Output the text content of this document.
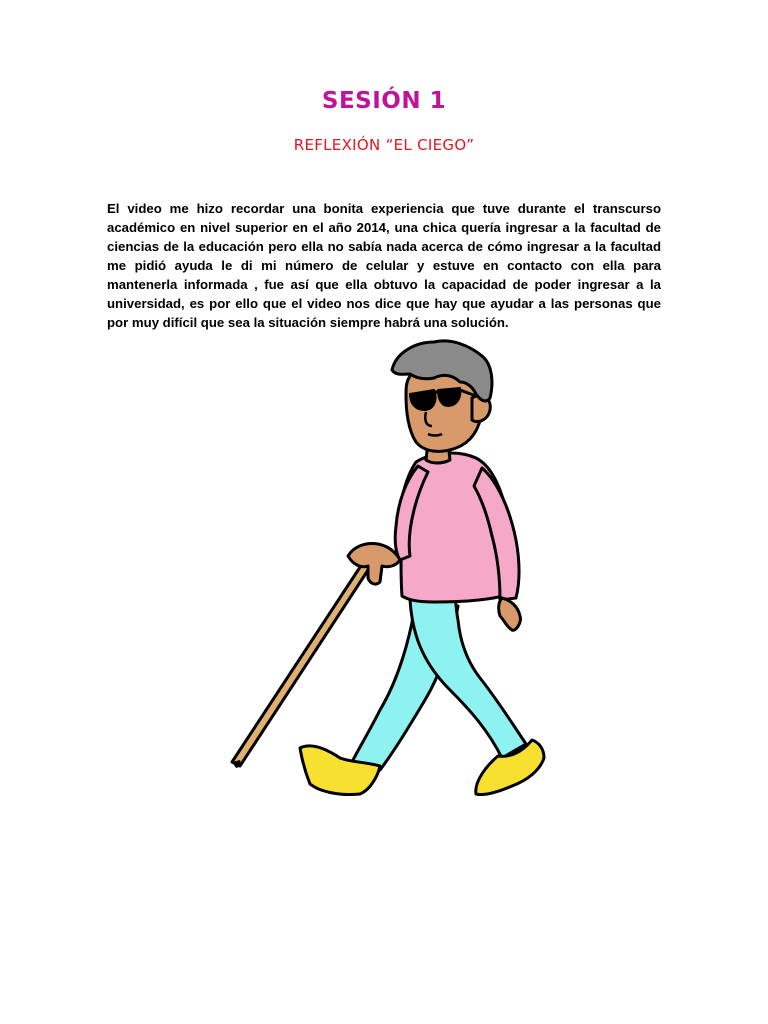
SESIÓN 1
REFLEXIÓN “EL CIEGO”

El video me hizo recordar una bonita experiencia que tuve durante el transcurso académico en nivel superior en el año 2014, una chica quería ingresar a la facultad de ciencias de la educación pero ella no sabía nada acerca de cómo ingresar a la facultad me pidió ayuda le di mi número de celular y estuve en contacto con ella para mantenerla informada , fue así que ella obtuvo la capacidad de poder ingresar a la universidad, es por ello que el video nos dice que hay que ayudar a las personas que por muy difícil que sea la situación siempre habrá una solución.
